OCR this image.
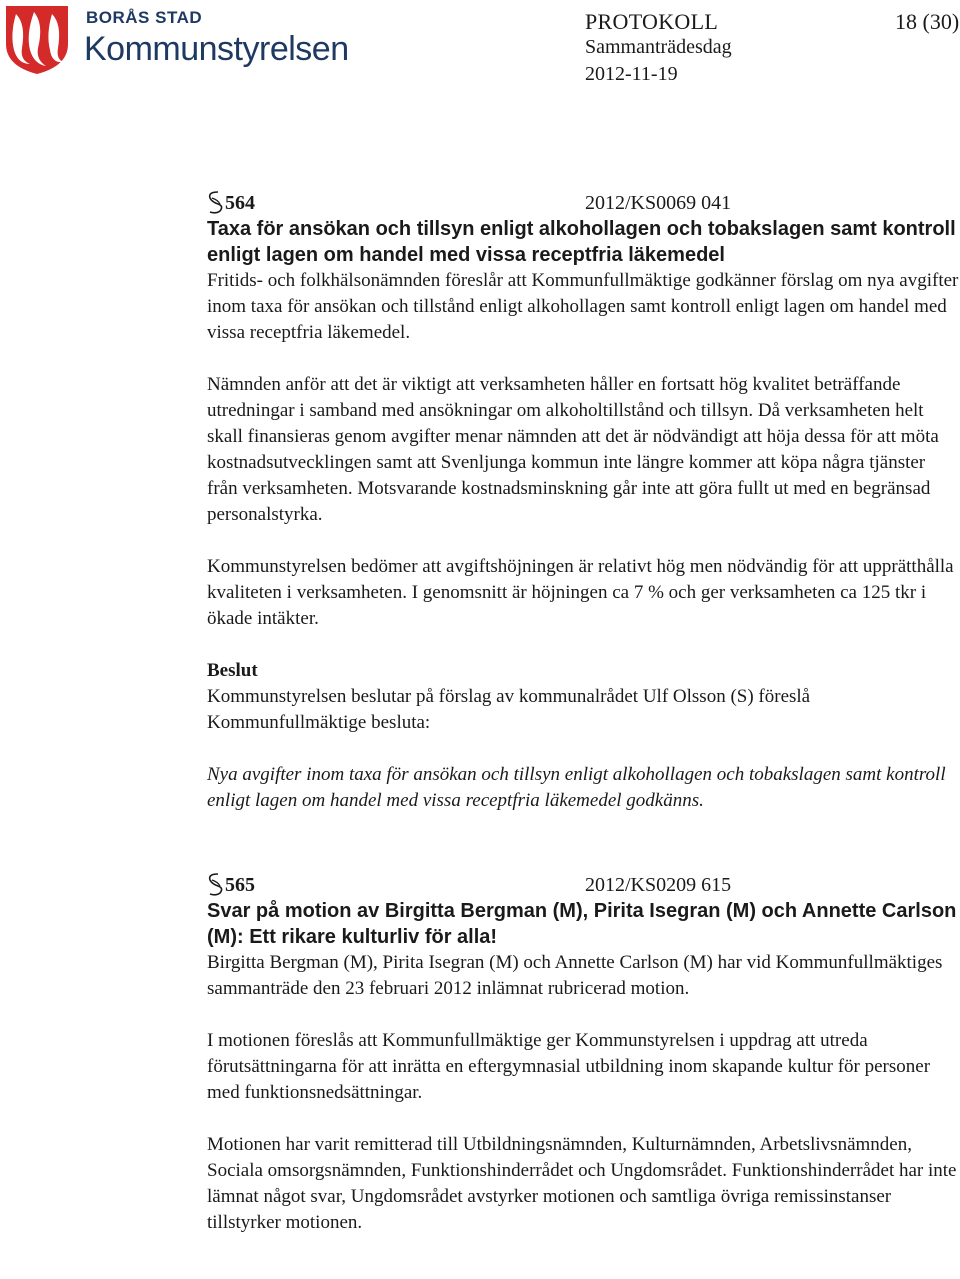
BORÅS STAD
Kommunstyrelsen
PROTOKOLL	18 (30)
Sammanträdesdag
2012-11-19
564	2012/KS0069 041
Taxa för ansökan och tillsyn enligt alkohollagen och tobakslagen samt kontroll enligt lagen om handel med vissa receptfria läkemedel

Fritids- och folkhälsonämnden föreslår att Kommunfullmäktige godkänner förslag om nya avgifter inom taxa för ansökan och tillstånd enligt alkohollagen samt kontroll enligt lagen om handel med vissa receptfria läkemedel.

Nämnden anför att det är viktigt att verksamheten håller en fortsatt hög kvalitet beträffande utredningar i samband med ansökningar om alkoholtillstånd och tillsyn. Då verksamheten helt skall finansieras genom avgifter menar nämnden att det är nödvändigt att höja dessa för att möta kostnadsutvecklingen samt att Svenljunga kommun inte längre kommer att köpa några tjänster från verksamheten. Motsvarande kostnadsminskning går inte att göra fullt ut med en begränsad personalstyrka.

Kommunstyrelsen bedömer att avgiftshöjningen är relativt hög men nödvändig för att upprätthålla kvaliteten i verksamheten. I genomsnitt är höjningen ca 7 % och ger verksamheten ca 125 tkr i ökade intäkter.

Beslut

Kommunstyrelsen beslutar på förslag av kommunalrådet Ulf Olsson (S) föreslå Kommunfullmäktige besluta:

Nya avgifter inom taxa för ansökan och tillsyn enligt alkohollagen och tobakslagen samt kontroll enligt lagen om handel med vissa receptfria läkemedel godkänns.

565	2012/KS0209 615
Svar på motion av Birgitta Bergman (M), Pirita Isegran (M) och Annette Carlson (M): Ett rikare kulturliv för alla!

Birgitta Bergman (M), Pirita Isegran (M) och Annette Carlson (M) har vid Kommunfullmäktiges sammanträde den 23 februari 2012 inlämnat rubricerad motion.

I motionen föreslås att Kommunfullmäktige ger Kommunstyrelsen i uppdrag att utreda förutsättningarna för att inrätta en eftergymnasial utbildning inom skapande kultur för personer med funktionsnedsättningar.

Motionen har varit remitterad till Utbildningsnämnden, Kulturnämnden, Arbetslivsnämnden, Sociala omsorgsnämnden, Funktionshinderrådet och Ungdomsrådet. Funktionshinderrådet har inte lämnat något svar, Ungdomsrådet avstyrker motionen och samtliga övriga remissinstanser tillstyrker motionen.
